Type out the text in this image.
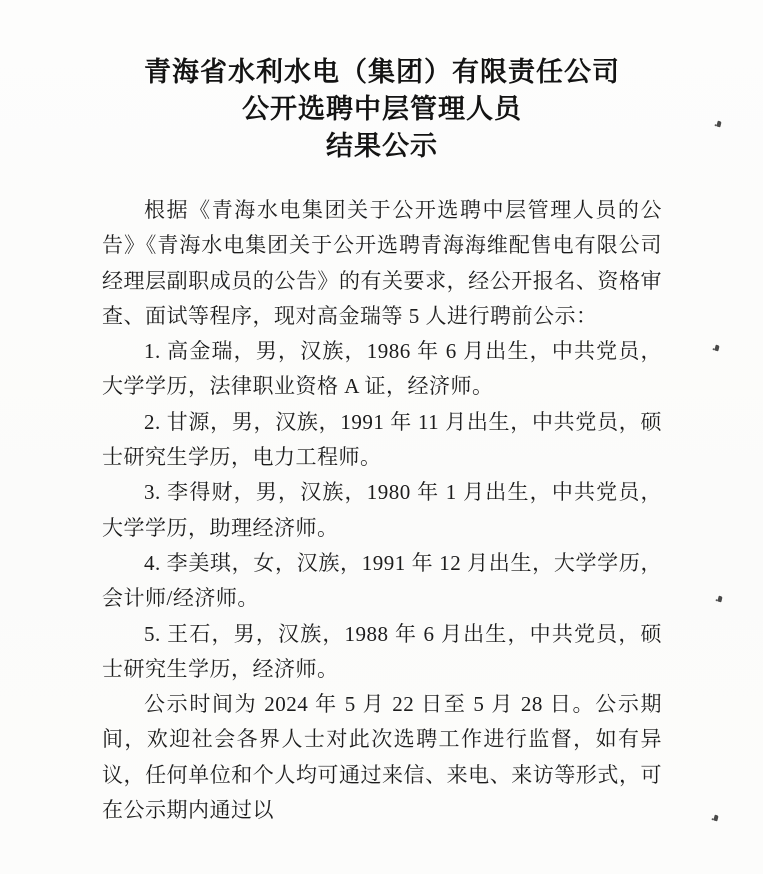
青海省水利水电（集团）有限责任公司
公开选聘中层管理人员
结果公示

根据《青海水电集团关于公开选聘中层管理人员的公告》《青海水电集团关于公开选聘青海海维配售电有限公司经理层副职成员的公告》的有关要求，经公开报名、资格审查、面试等程序，现对高金瑞等 5 人进行聘前公示：

1. 高金瑞，男，汉族，1986 年 6 月出生，中共党员，大学学历，法律职业资格 A 证，经济师。

2. 甘源，男，汉族，1991 年 11 月出生，中共党员，硕士研究生学历，电力工程师。

3. 李得财，男，汉族，1980 年 1 月出生，中共党员，大学学历，助理经济师。

4. 李美琪，女，汉族，1991 年 12 月出生，大学学历，会计师/经济师。

5. 王石，男，汉族，1988 年 6 月出生，中共党员，硕士研究生学历，经济师。

公示时间为 2024 年 5 月 22 日至 5 月 28 日。公示期间，欢迎社会各界人士对此次选聘工作进行监督，如有异议，任何单位和个人均可通过来信、来电、来访等形式，可在公示期内通过以
